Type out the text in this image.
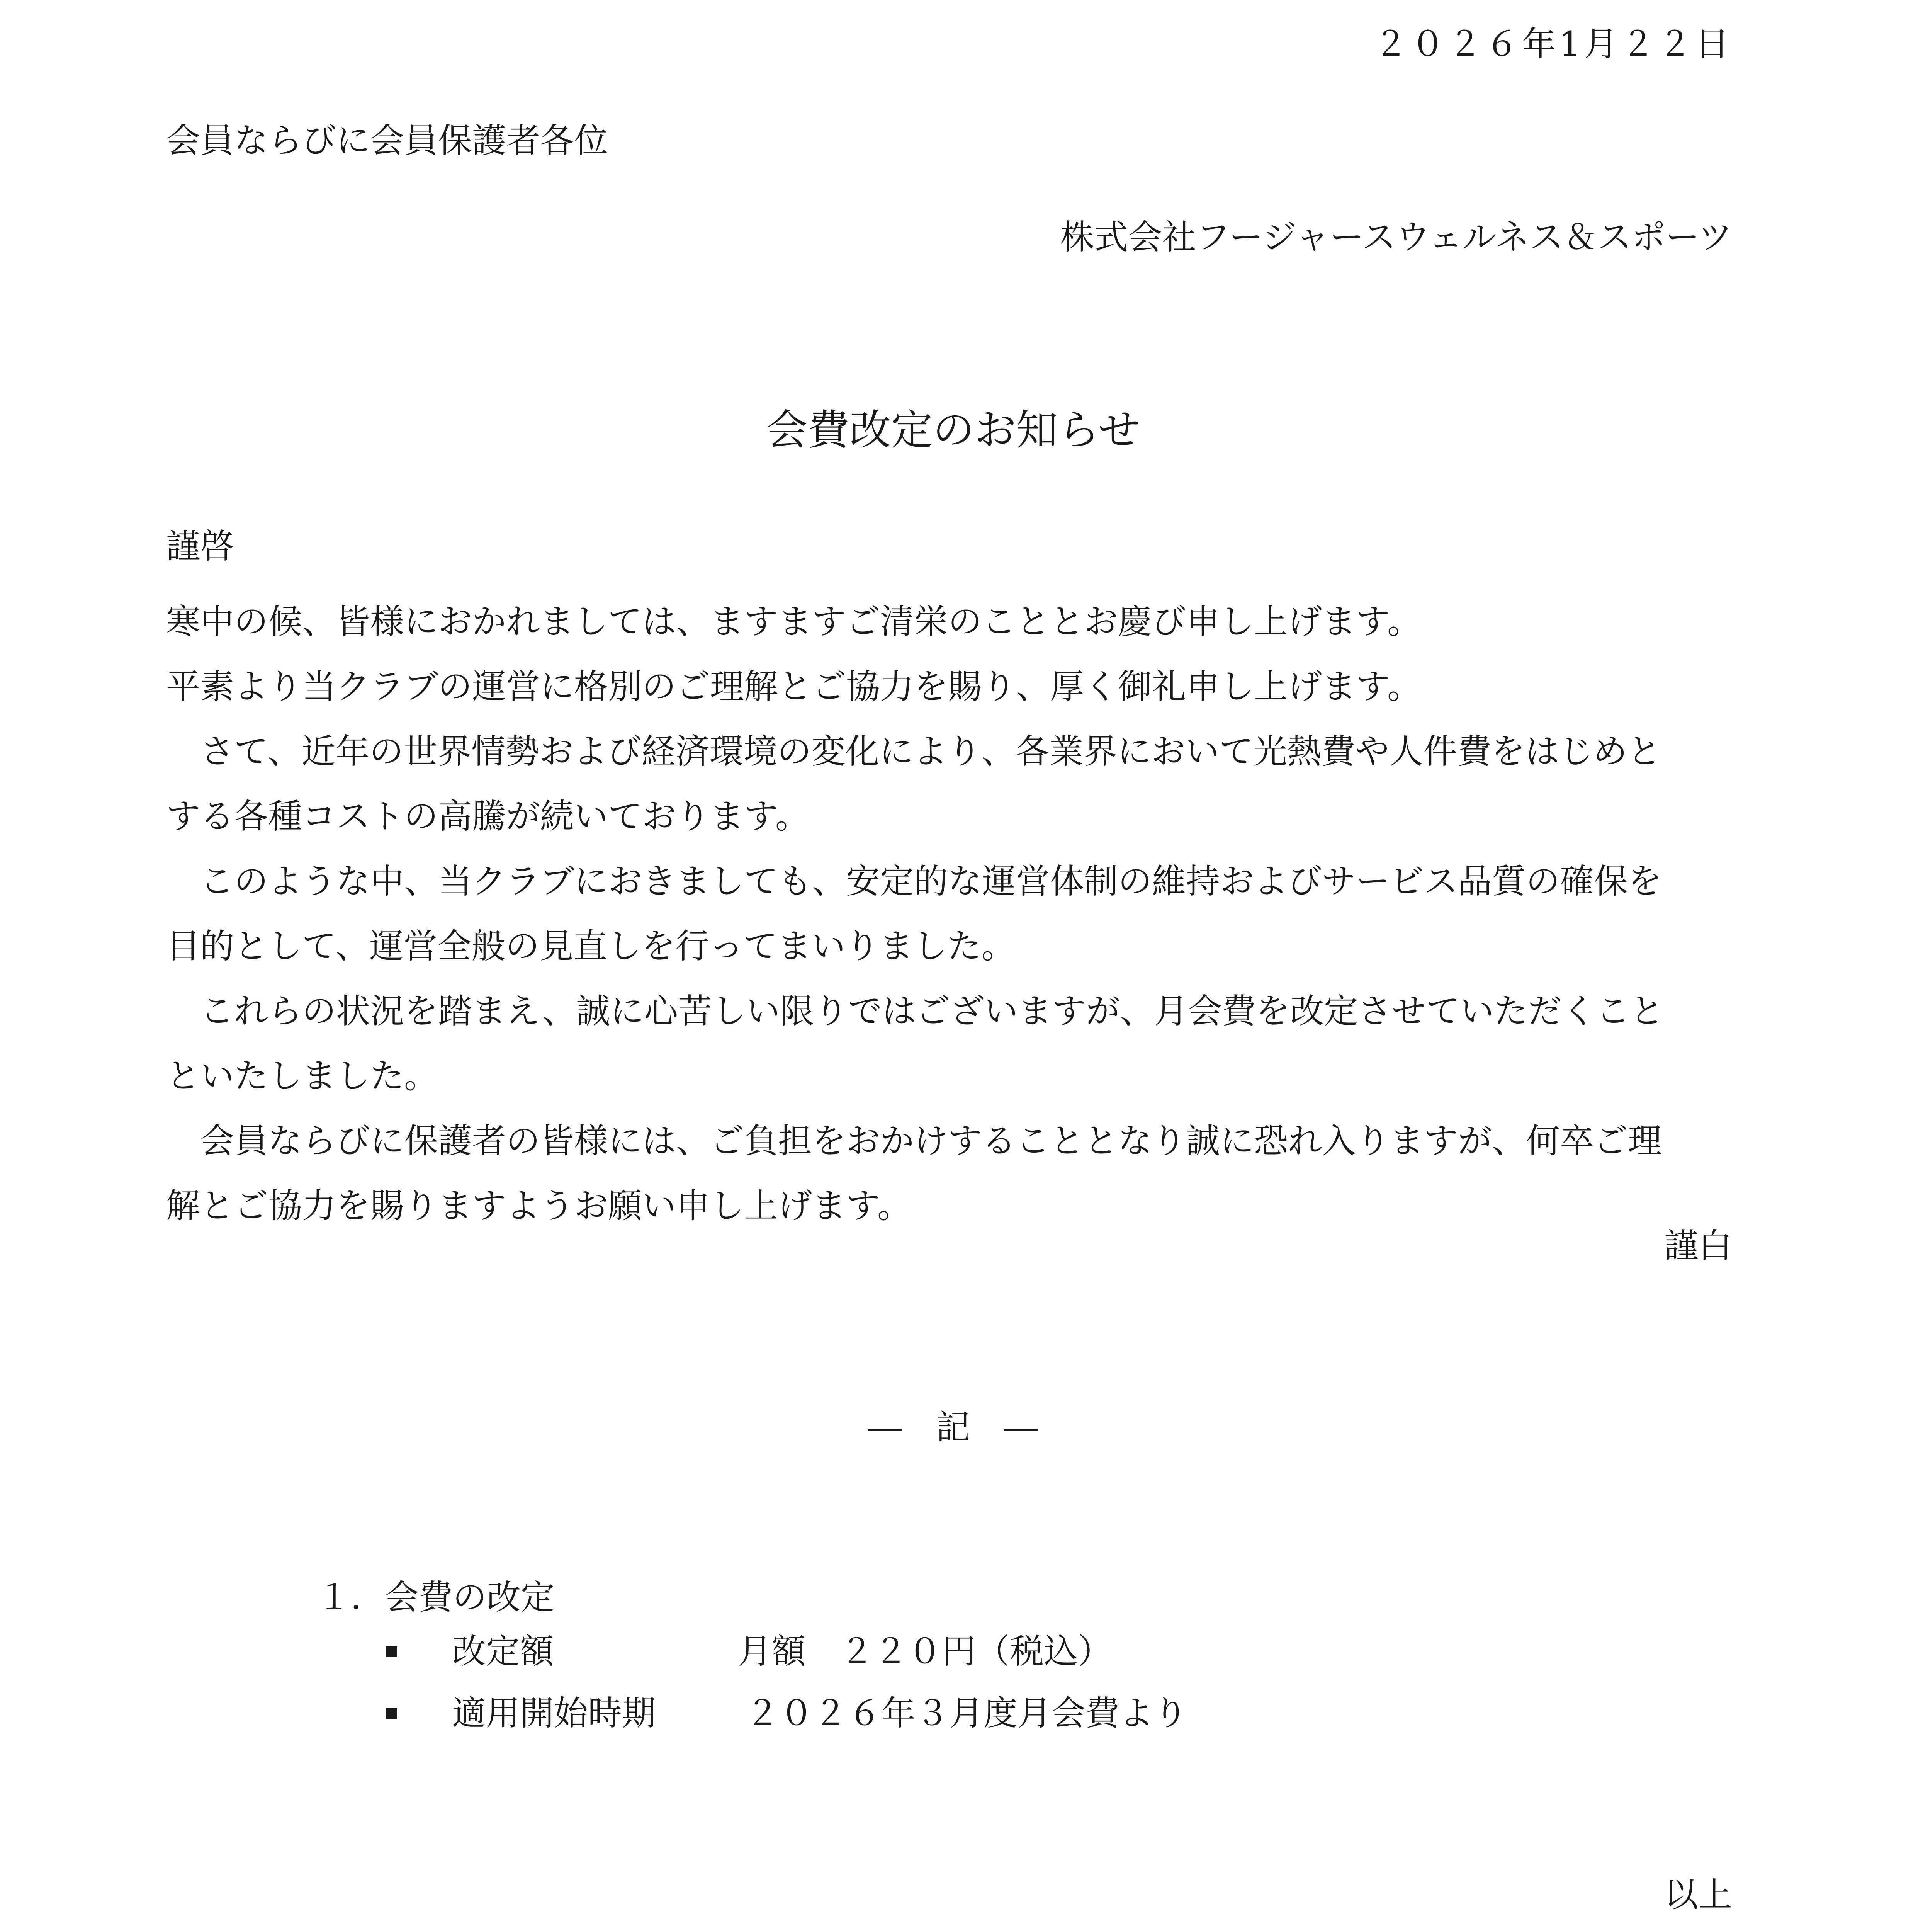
２０２６年1月２２日
会員ならびに会員保護者各位
株式会社フージャースウェルネス＆スポーツ
会費改定のお知らせ
謹啓
寒中の候、皆様におかれましては、ますますご清栄のこととお慶び申し上げます。
平素より当クラブの運営に格別のご理解とご協力を賜り、厚く御礼申し上げます。
　さて、近年の世界情勢および経済環境の変化により、各業界において光熱費や人件費をはじめと
する各種コストの高騰が続いております。
　このような中、当クラブにおきましても、安定的な運営体制の維持およびサービス品質の確保を
目的として、運営全般の見直しを行ってまいりました。
　これらの状況を踏まえ、誠に心苦しい限りではございますが、月会費を改定させていただくこと
といたしました。
　会員ならびに保護者の皆様には、ご負担をおかけすることとなり誠に恐れ入りますが、何卒ご理
解とご協力を賜りますようお願い申し上げます。
謹白
―　記　―
１．会費の改定
改定額	月額　２２０円（税込）
適用開始時期	２０２６年３月度月会費より
以上
